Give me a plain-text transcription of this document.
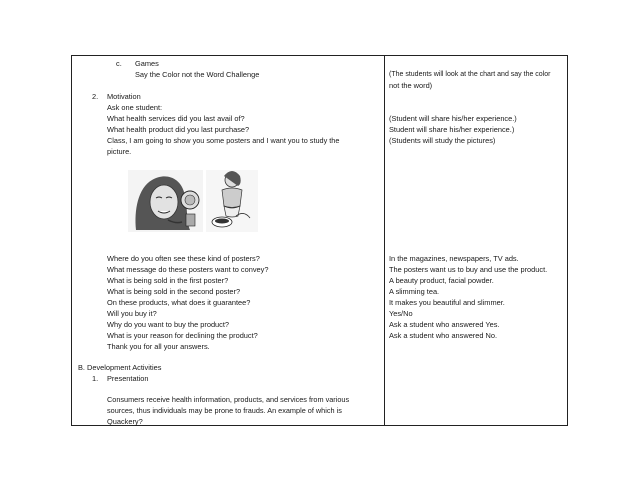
c. Games
Say the Color not the Word Challenge	(The students will look at the chart and say the color
not the word)
2. Motivation
Ask one student:
What health services did you last avail of?
What health product did you last purchase?
Class, I am going to show you some posters and I want you to study the
picture.
(Student will share his/her experience.)
Student will share his/her experience.)
(Students will study the pictures)
Where do you often see these kind of posters?
What message do these posters want to convey?
What is being sold in the first poster?
What is being sold in the second poster?
On these products, what does it guarantee?
Will you buy it?
Why do you want to buy the product?
What is your reason for declining the product?
Thank you for all your answers.
In the magazines, newspapers, TV ads.
The posters want us to buy and use the product.
A beauty product, facial powder.
A slimming tea.
It makes you beautiful and slimmer.
Yes/No
Ask a student who answered Yes.
Ask a student who answered No.
B. Development Activities
1. Presentation
Consumers receive health information, products, and services from various
sources, thus individuals may be prone to frauds. An example of which is
Quackery?
